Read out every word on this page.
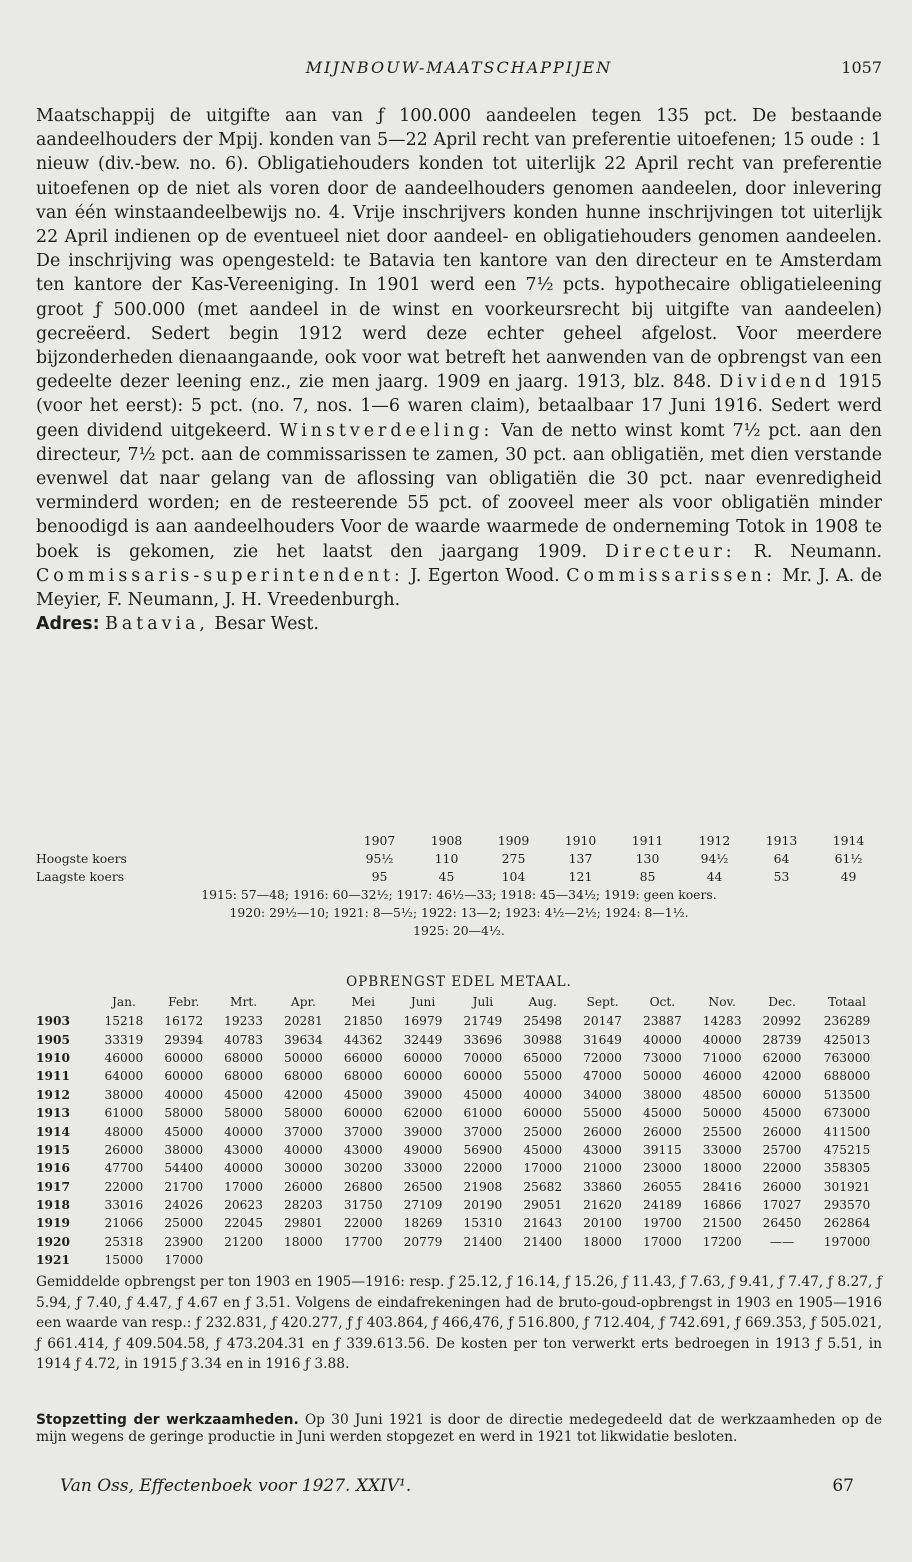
MIJNBOUW-MAATSCHAPPIJEN	1057
Maatschappij de uitgifte aan van ƒ 100.000 aandeelen tegen 135 pct. De bestaande aandeelhouders der Mpij. konden van 5—22 April recht van preferentie uitoefenen; 15 oude : 1 nieuw (div.-bew. no. 6). Obligatiehouders konden tot uiterlijk 22 April recht van preferentie uitoefenen op de niet als voren door de aandeelhouders genomen aandeelen, door inlevering van één winstaandeelbewijs no. 4. Vrije inschrijvers konden hunne inschrijvingen tot uiterlijk 22 April indienen op de eventueel niet door aandeel- en obligatiehouders genomen aandeelen. De inschrijving was opengesteld: te Batavia ten kantore van den directeur en te Amsterdam ten kantore der Kas-Vereeniging. In 1901 werd een 7½ pcts. hypothecaire obligatieleening groot ƒ 500.000 (met aandeel in de winst en voorkeursrecht bij uitgifte van aandeelen) gecreëerd. Sedert begin 1912 werd deze echter geheel afgelost. Voor meerdere bijzonderheden dienaangaande, ook voor wat betreft het aanwenden van de opbrengst van een gedeelte dezer leening enz., zie men jaarg. 1909 en jaarg. 1913, blz. 848. Dividend 1915 (voor het eerst): 5 pct. (no. 7, nos. 1—6 waren claim), betaalbaar 17 Juni 1916. Sedert werd geen dividend uitgekeerd. Winstverdeeling: Van de netto winst komt 7½ pct. aan den directeur, 7½ pct. aan de commissarissen te zamen, 30 pct. aan obligatiën, met dien verstande evenwel dat naar gelang van de aflossing van obligatiën die 30 pct. naar evenredigheid verminderd worden; en de resteerende 55 pct. of zooveel meer als voor obligatiën minder benoodigd is aan aandeelhouders Voor de waarde waarmede de onderneming Totok in 1908 te boek is gekomen, zie het laatst den jaargang 1909. Directeur: R. Neumann. Commissaris-superintendent: J. Egerton Wood. Commissarissen: Mr. J. A. de Meyier, F. Neumann, J. H. Vreedenburgh.
Adres: Batavia, Besar West.
	1907	1908	1909	1910	1911	1912	1913	1914
Hoogste koers	95½	110	275	137	130	94½	64	61½
Laagste koers	95	45	104	121	85	44	53	49
1915: 57—48; 1916: 60—32½; 1917: 46½—33; 1918: 45—34½; 1919: geen koers.
1920: 29½—10; 1921: 8—5½; 1922: 13—2; 1923: 4½—2½; 1924: 8—1½.
1925: 20—4½.
OPBRENGST EDEL METAAL.
	Jan.	Febr.	Mrt.	Apr.	Mei	Juni	Juli	Aug.	Sept.	Oct.	Nov.	Dec.	Totaal
1903	15218	16172	19233	20281	21850	16979	21749	25498	20147	23887	14283	20992	236289
1905	33319	29394	40783	39634	44362	32449	33696	30988	31649	40000	40000	28739	425013
1910	46000	60000	68000	50000	66000	60000	70000	65000	72000	73000	71000	62000	763000
1911	64000	60000	68000	68000	68000	60000	60000	55000	47000	50000	46000	42000	688000
1912	38000	40000	45000	42000	45000	39000	45000	40000	34000	38000	48500	60000	513500
1913	61000	58000	58000	58000	60000	62000	61000	60000	55000	45000	50000	45000	673000
1914	48000	45000	40000	37000	37000	39000	37000	25000	26000	26000	25500	26000	411500
1915	26000	38000	43000	40000	43000	49000	56900	45000	43000	39115	33000	25700	475215
1916	47700	54400	40000	30000	30200	33000	22000	17000	21000	23000	18000	22000	358305
1917	22000	21700	17000	26000	26800	26500	21908	25682	33860	26055	28416	26000	301921
1918	33016	24026	20623	28203	31750	27109	20190	29051	21620	24189	16866	17027	293570
1919	21066	25000	22045	29801	22000	18269	15310	21643	20100	19700	21500	26450	262864
1920	25318	23900	21200	18000	17700	20779	21400	21400	18000	17000	17200	——	197000
1921	15000	17000											
Gemiddelde opbrengst per ton 1903 en 1905—1916: resp. ƒ 25.12, ƒ 16.14, ƒ 15.26, ƒ 11.43, ƒ 7.63, ƒ 9.41, ƒ 7.47, ƒ 8.27, ƒ 5.94, ƒ 7.40, ƒ 4.47, ƒ 4.67 en ƒ 3.51. Volgens de eindafrekeningen had de bruto-goud-opbrengst in 1903 en 1905—1916 een waarde van resp.: ƒ 232.831, ƒ 420.277, ƒ ƒ 403.864, ƒ 466,476, ƒ 516.800, ƒ 712.404, ƒ 742.691, ƒ 669.353, ƒ 505.021, ƒ 661.414, ƒ 409.504.58, ƒ 473.204.31 en ƒ 339.613.56. De kosten per ton verwerkt erts bedroegen in 1913 ƒ 5.51, in 1914 ƒ 4.72, in 1915 ƒ 3.34 en in 1916 ƒ 3.88.
Stopzetting der werkzaamheden. Op 30 Juni 1921 is door de directie medegedeeld dat de werkzaamheden op de mijn wegens de geringe productie in Juni werden stopgezet en werd in 1921 tot likwidatie besloten.
Van Oss, Effectenboek voor 1927. XXIV¹.	67
